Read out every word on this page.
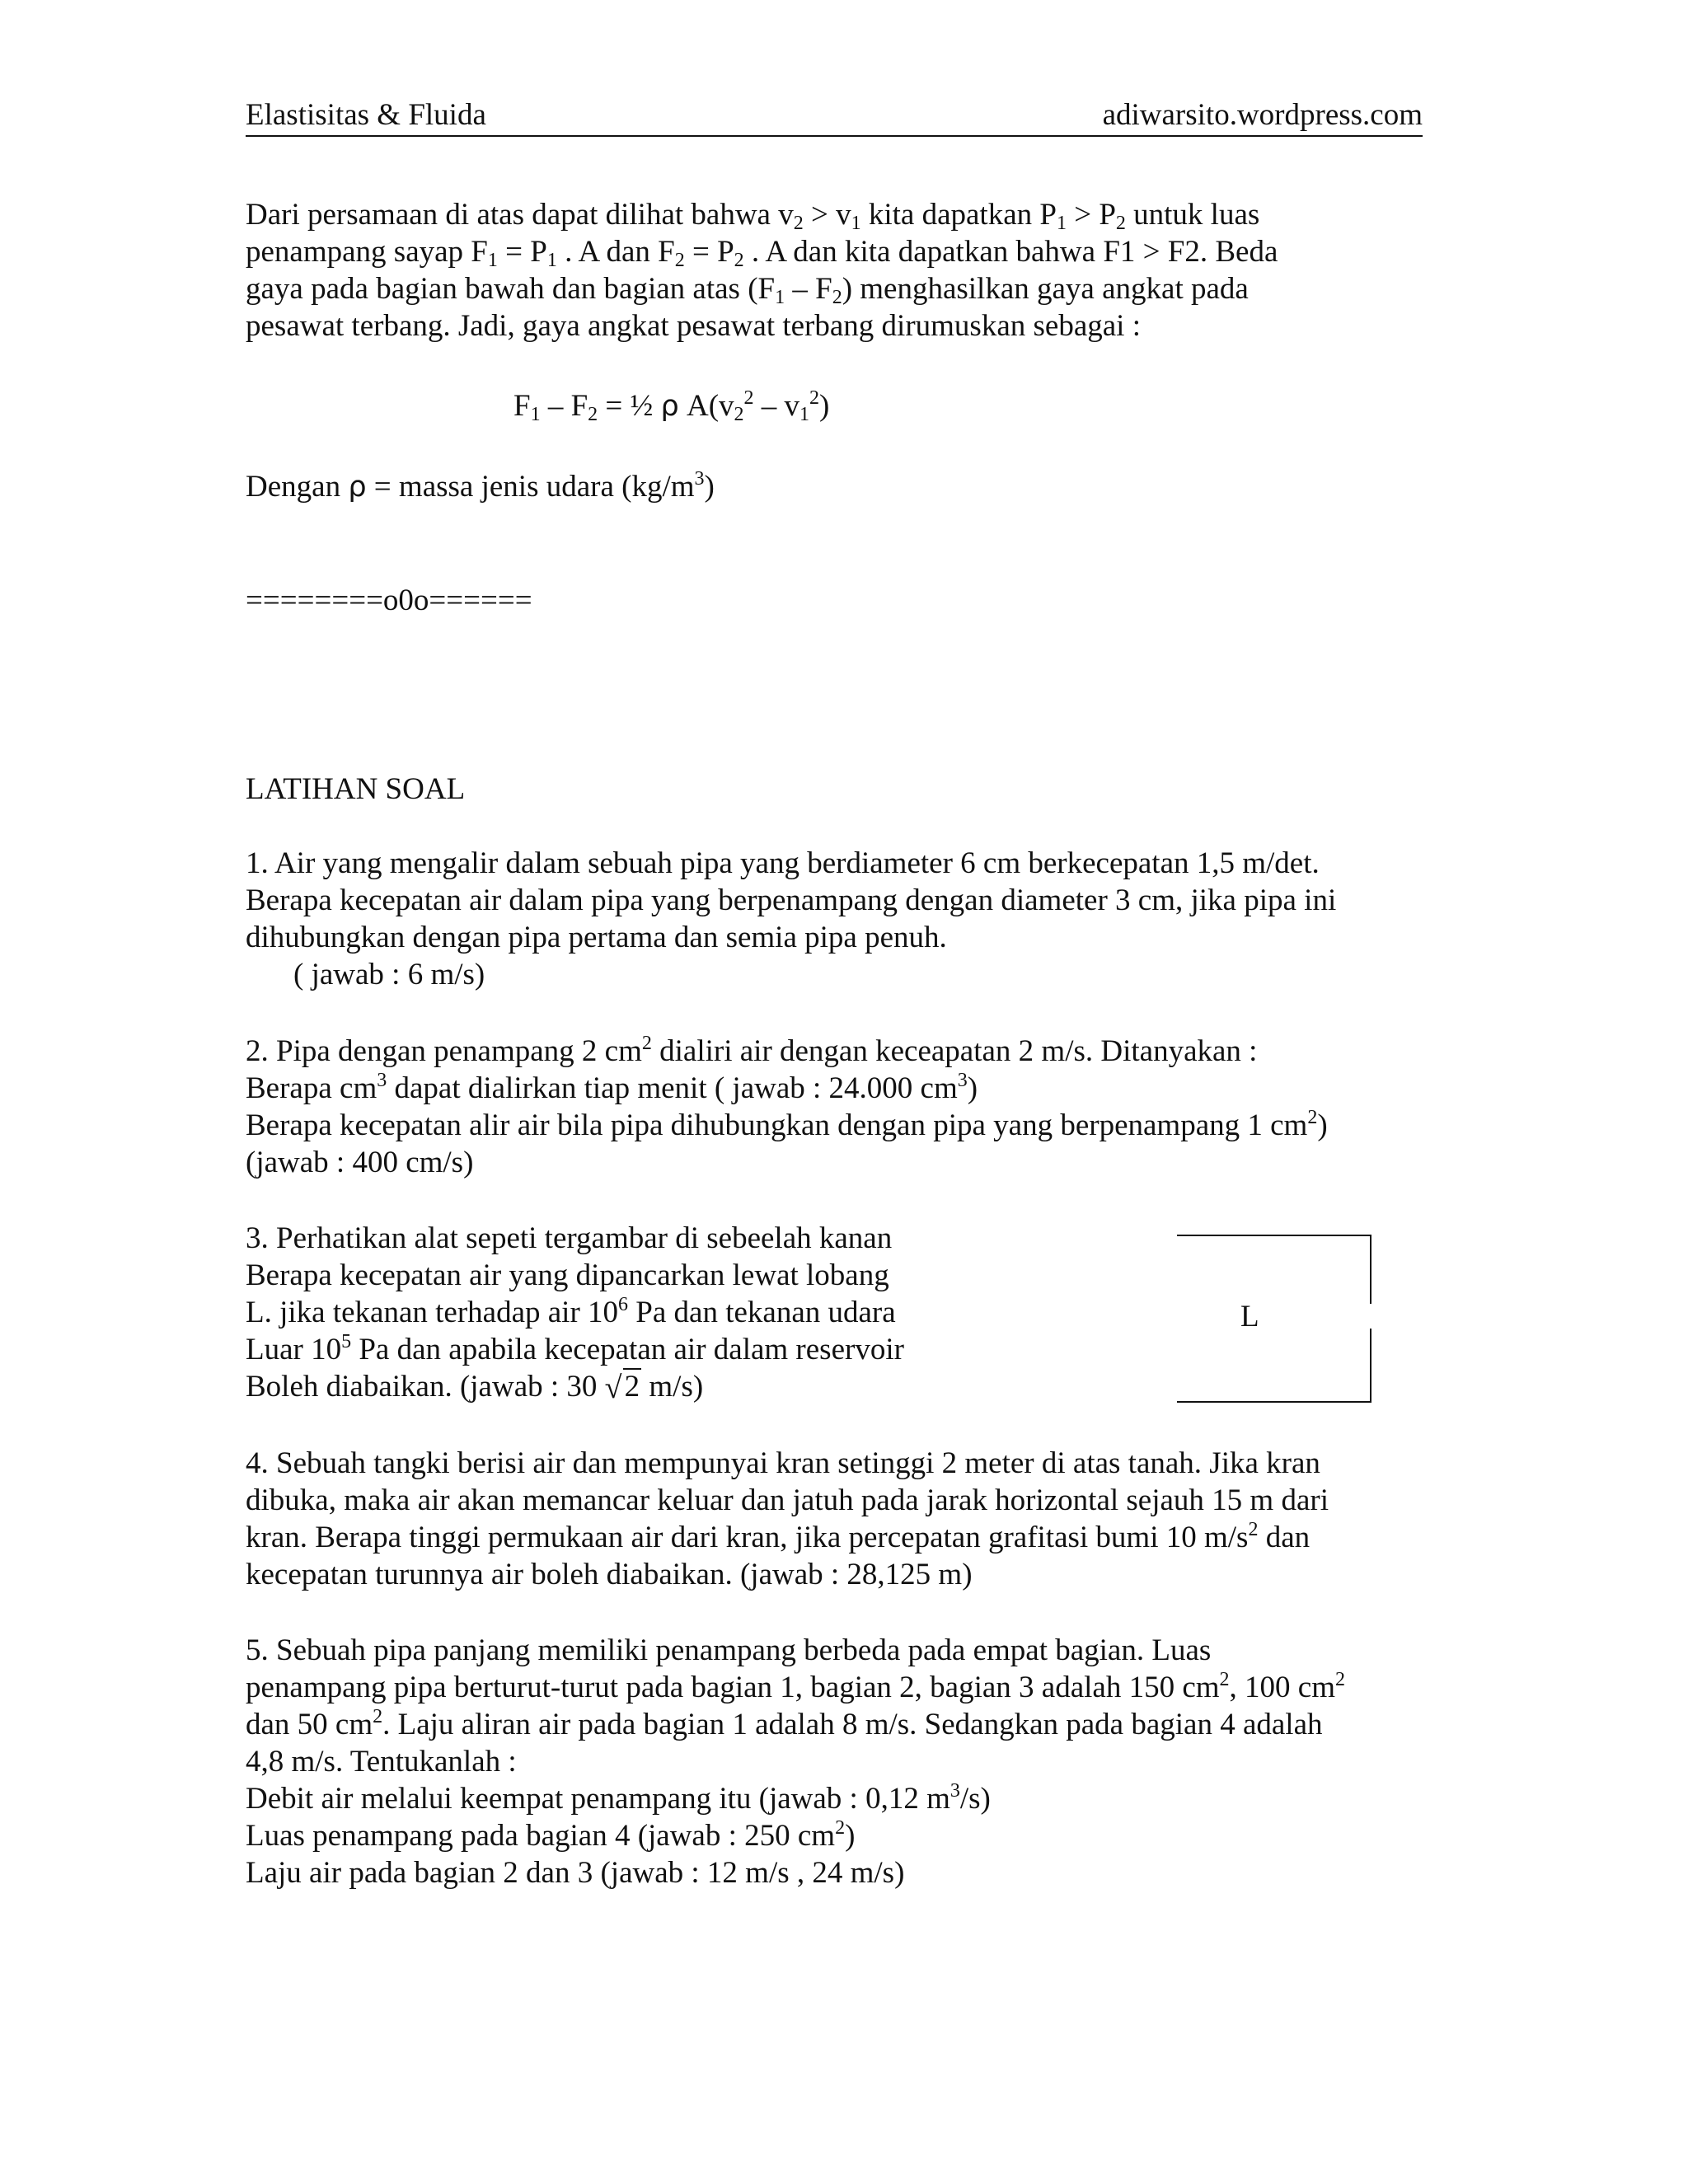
Elastisitas & Fluida	adiwarsito.wordpress.com
Dari persamaan di atas dapat dilihat bahwa $v_2 > v_1$ kita dapatkan $P_1 > P_2$ untuk luas
penampang sayap $F_1 = P_1$ . A dan $F_2 = P_2$ . A dan kita dapatkan bahwa F1 > F2. Beda
gaya pada bagian bawah dan bagian atas $(F_1 - F_2)$ menghasilkan gaya angkat pada
pesawat terbang. Jadi, gaya angkat pesawat terbang dirumuskan sebagai :
$F_1 - F_2$ = ½ ρ $A(v_2^2 - v_1^2)$
Dengan ρ = massa jenis udara $(kg/m^3)$
========o0o======
LATIHAN SOAL
1. Air yang mengalir dalam sebuah pipa yang berdiameter 6 cm berkecepatan 1,5 m/det.
Berapa kecepatan air dalam pipa yang berpenampang dengan diameter 3 cm, jika pipa ini
dihubungkan dengan pipa pertama dan semia pipa penuh.
( jawab : 6 m/s)
2. Pipa dengan penampang 2 $cm^2$ dialiri air dengan keceapatan 2 m/s. Ditanyakan :
Berapa $cm^3$ dapat dialirkan tiap menit ( jawab : 24.000 $cm^3$)
Berapa kecepatan alir air bila pipa dihubungkan dengan pipa yang berpenampang 1 $cm^2$)
(jawab : 400 cm/s)
3. Perhatikan alat sepeti tergambar di sebeelah kanan
Berapa kecepatan air yang dipancarkan lewat lobang
L. jika tekanan terhadap air $10^6$ Pa dan tekanan udara
Luar $10^5$ Pa dan apabila kecepatan air dalam reservoir
Boleh diabaikan. (jawab : 30 √ 2 m/s)
L
4. Sebuah tangki berisi air dan mempunyai kran setinggi 2 meter di atas tanah. Jika kran
dibuka, maka air akan memancar keluar dan jatuh pada jarak horizontal sejauh 15 m dari
kran. Berapa tinggi permukaan air dari kran, jika percepatan grafitasi bumi 10 $m/s^2$ dan
kecepatan turunnya air boleh diabaikan. (jawab : 28,125 m)
5. Sebuah pipa panjang memiliki penampang berbeda pada empat bagian. Luas
penampang pipa berturut-turut pada bagian 1, bagian 2, bagian 3 adalah 150 $cm^2$, 100 $cm^2$
dan 50 $cm^2$. Laju aliran air pada bagian 1 adalah 8 m/s. Sedangkan pada bagian 4 adalah
4,8 m/s. Tentukanlah :
Debit air melalui keempat penampang itu (jawab : 0,12 $m^3/s$)
Luas penampang pada bagian 4 (jawab : 250 $cm^2$)
Laju air pada bagian 2 dan 3 (jawab : 12 m/s , 24 m/s)
